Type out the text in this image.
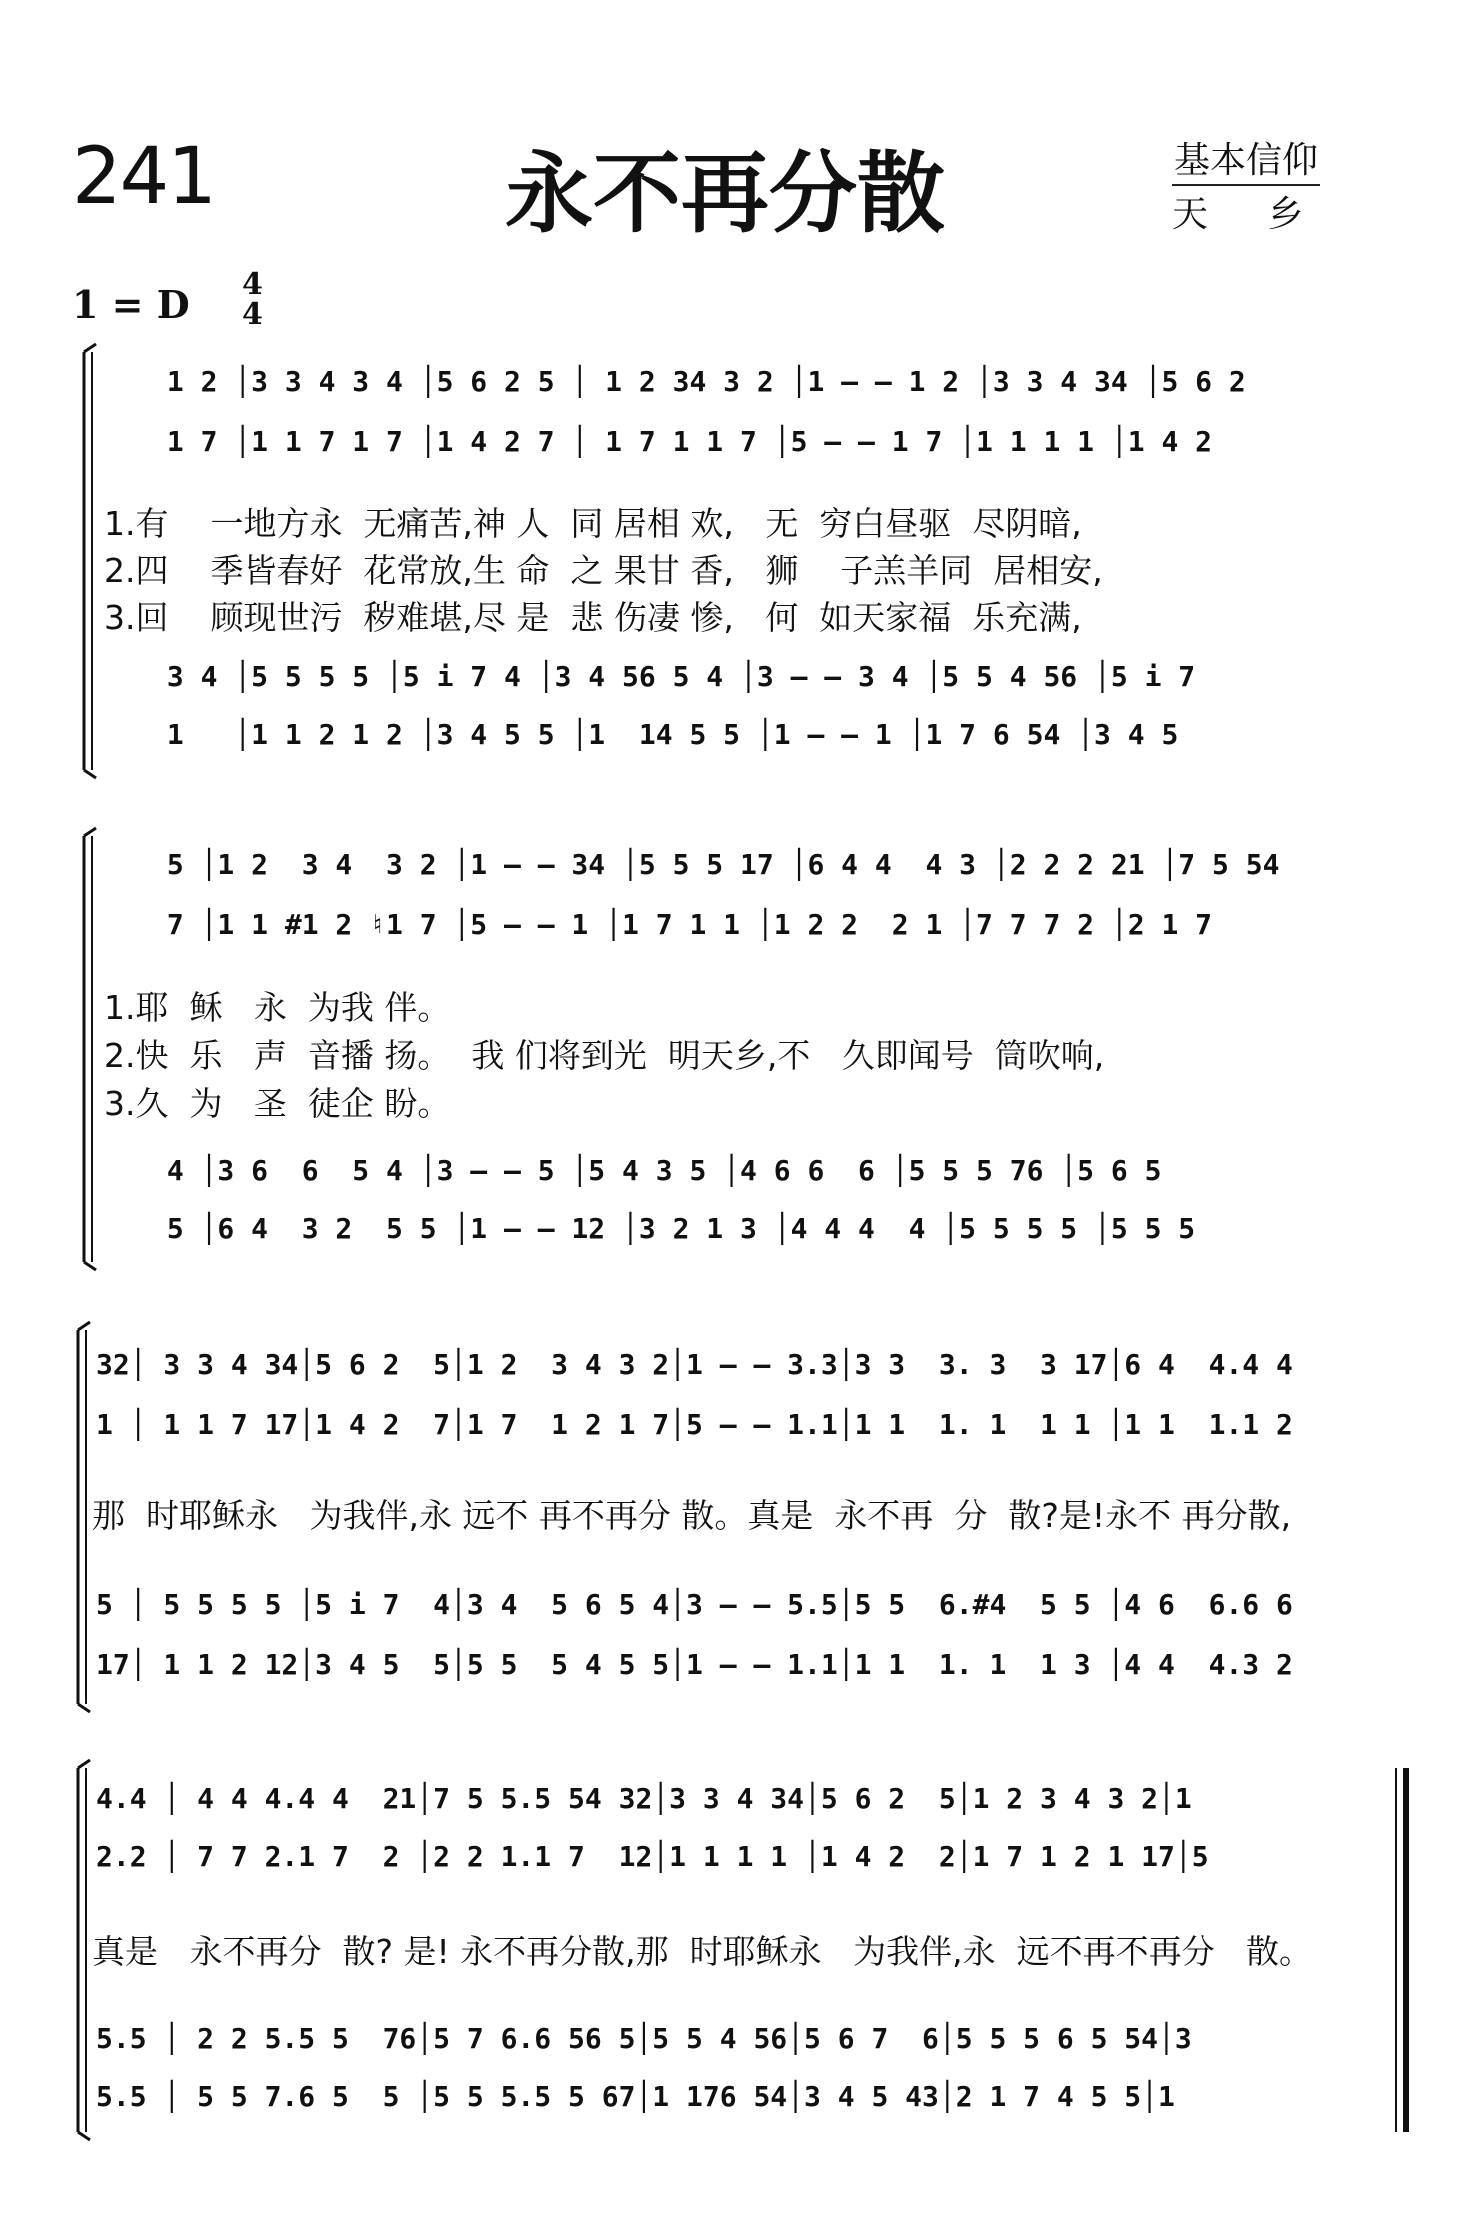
241	永不再分散	基本信仰
天 乡
1 = D 4
4
1 2 │3 3 4 3 4 │5 6 2 5 │ 1 2 34 3 2 │1 – – 1 2 │3 3 4 34 │5 6 2
1 7 │1 1 7 1 7 │1 4 2 7 │ 1 7 1 1 7 │5 – – 1 7 │1 1 1 1 │1 4 2
1.有    一地方永  无痛苦,神 人  同 居相 欢,   无  穷白昼驱  尽阴暗,
2.四    季皆春好  花常放,生 命  之 果甘 香,   狮    子羔羊同  居相安,
3.回    顾现世污  秽难堪,尽 是  悲 伤凄 惨,   何  如天家福  乐充满,
3 4 │5 5 5 5 │5 i 7 4 │3 4 56 5 4 │3 – – 3 4 │5 5 4 56 │5 i 7
1   │1 1 2 1 2 │3 4 5 5 │1  14 5 5 │1 – – 1 │1 7 6 54 │3 4 5
5 │1 2  3 4  3 2 │1 – – 34 │5 5 5 17 │6 4 4  4 3 │2 2 2 21 │7 5 54
7 │1 1 #1 2 ♮1 7 │5 – – 1 │1 7 1 1 │1 2 2  2 1 │7 7 7 2 │2 1 7
1.耶  稣   永  为我 伴。
2.快  乐   声  音播 扬。  我 们将到光  明天乡,不   久即闻号  筒吹响,
3.久  为   圣  徒企 盼。
4 │3 6  6  5 4 │3 – – 5 │5 4 3 5 │4 6 6  6 │5 5 5 76 │5 6 5
5 │6 4  3 2  5 5 │1 – – 12 │3 2 1 3 │4 4 4  4 │5 5 5 5 │5 5 5
32│ 3 3 4 34│5 6 2  5│1 2  3 4 3 2│1 – – 3.3│3 3  3. 3  3 17│6 4  4.4 4
1 │ 1 1 7 17│1 4 2  7│1 7  1 2 1 7│5 – – 1.1│1 1  1. 1  1 1 │1 1  1.1 2
那  时耶稣永   为我伴,永 远不 再不再分 散。真是  永不再  分  散?是!永不 再分散,
5 │ 5 5 5 5 │5 i 7  4│3 4  5 6 5 4│3 – – 5.5│5 5  6.#4  5 5 │4 6  6.6 6
17│ 1 1 2 12│3 4 5  5│5 5  5 4 5 5│1 – – 1.1│1 1  1. 1  1 3 │4 4  4.3 2
4.4 │ 4 4 4.4 4  21│7 5 5.5 54 32│3 3 4 34│5 6 2  5│1 2 3 4 3 2│1
2.2 │ 7 7 2.1 7  2 │2 2 1.1 7  12│1 1 1 1 │1 4 2  2│1 7 1 2 1 17│5
真是   永不再分  散? 是! 永不再分散,那  时耶稣永   为我伴,永  远不再不再分   散。
5.5 │ 2 2 5.5 5  76│5 7 6.6 56 5│5 5 4 56│5 6 7  6│5 5 5 6 5 54│3
5.5 │ 5 5 7.6 5  5 │5 5 5.5 5 67│1 176 54│3 4 5 43│2 1 7 4 5 5│1
